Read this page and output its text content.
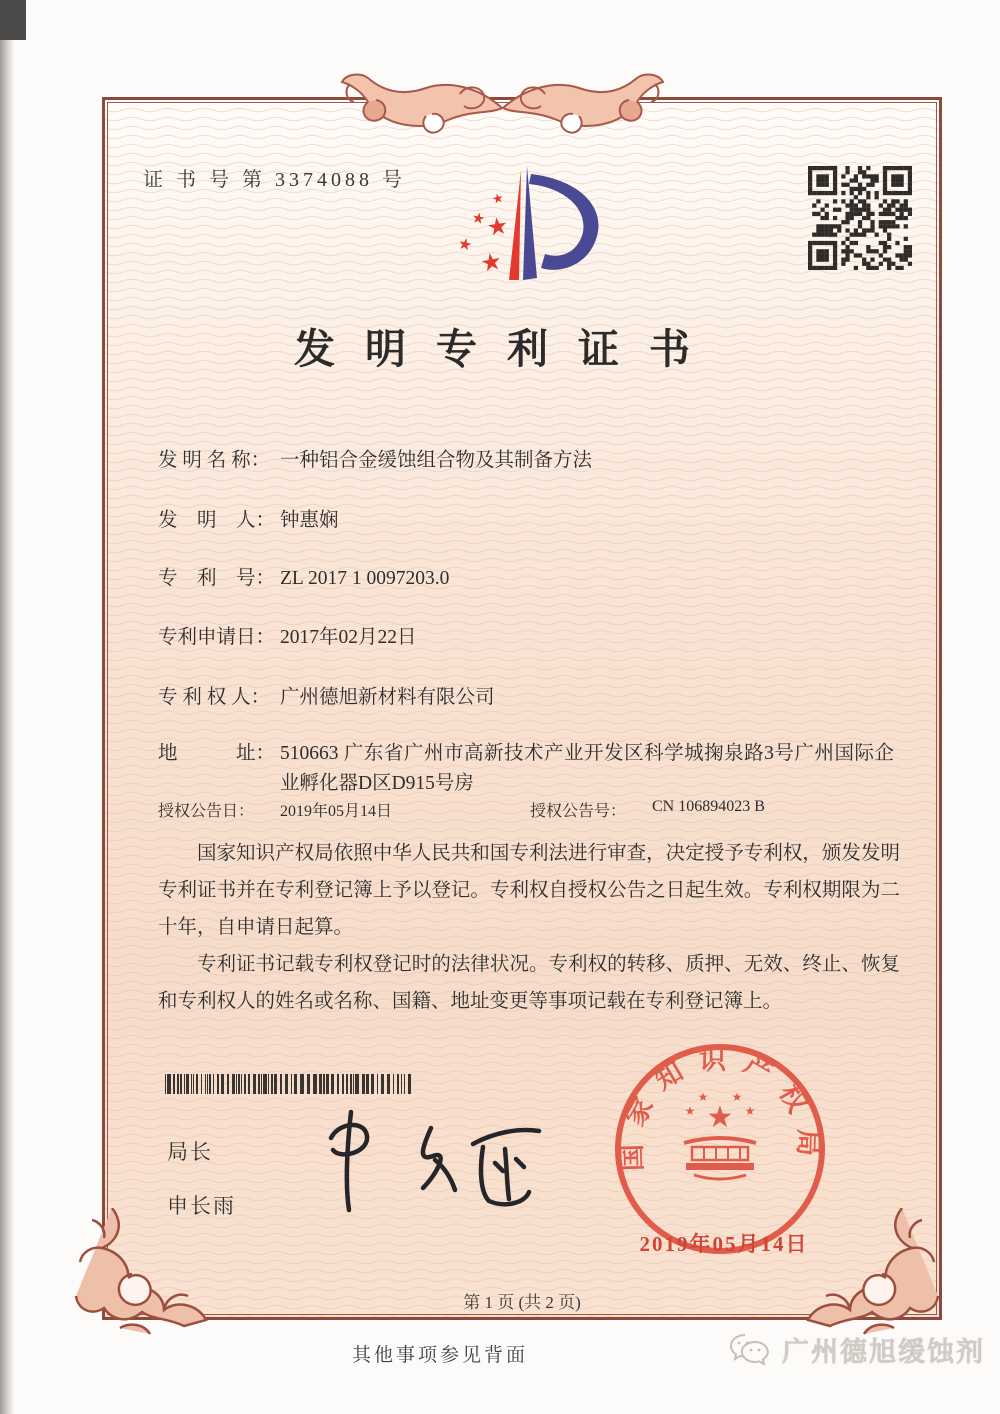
证 书 号 第 3374088 号
★
★
★
★
★
发明专利证书
发 明 名 称： 一种铝合金缓蚀组合物及其制备方法
发　明　人： 钟惠娴
专　利　号： ZL 2017 1 0097203.0
专利申请日： 2017年02月22日
专 利 权 人： 广州德旭新材料有限公司
地　　　址： 510663 广东省广州市高新技术产业开发区科学城掬泉路3号广州国际企业孵化器D区D915号房
授权公告日：	2019年05月14日	授权公告号：	CN 106894023 B

国家知识产权局依照中华人民共和国专利法进行审查，决定授予专利权，颁发发明专利证书并在专利登记簿上予以登记。专利权自授权公告之日起生效。专利权期限为二十年，自申请日起算。

专利证书记载专利权登记时的法律状况。专利权的转移、质押、无效、终止、恢复和专利权人的姓名或名称、国籍、地址变更等事项记载在专利登记簿上。

局长
申长雨
国家知识产权局
★
★
★ ★
★
2019年05月14日
第 1 页 (共 2 页)
其他事项参见背面	广州德旭缓蚀剂
